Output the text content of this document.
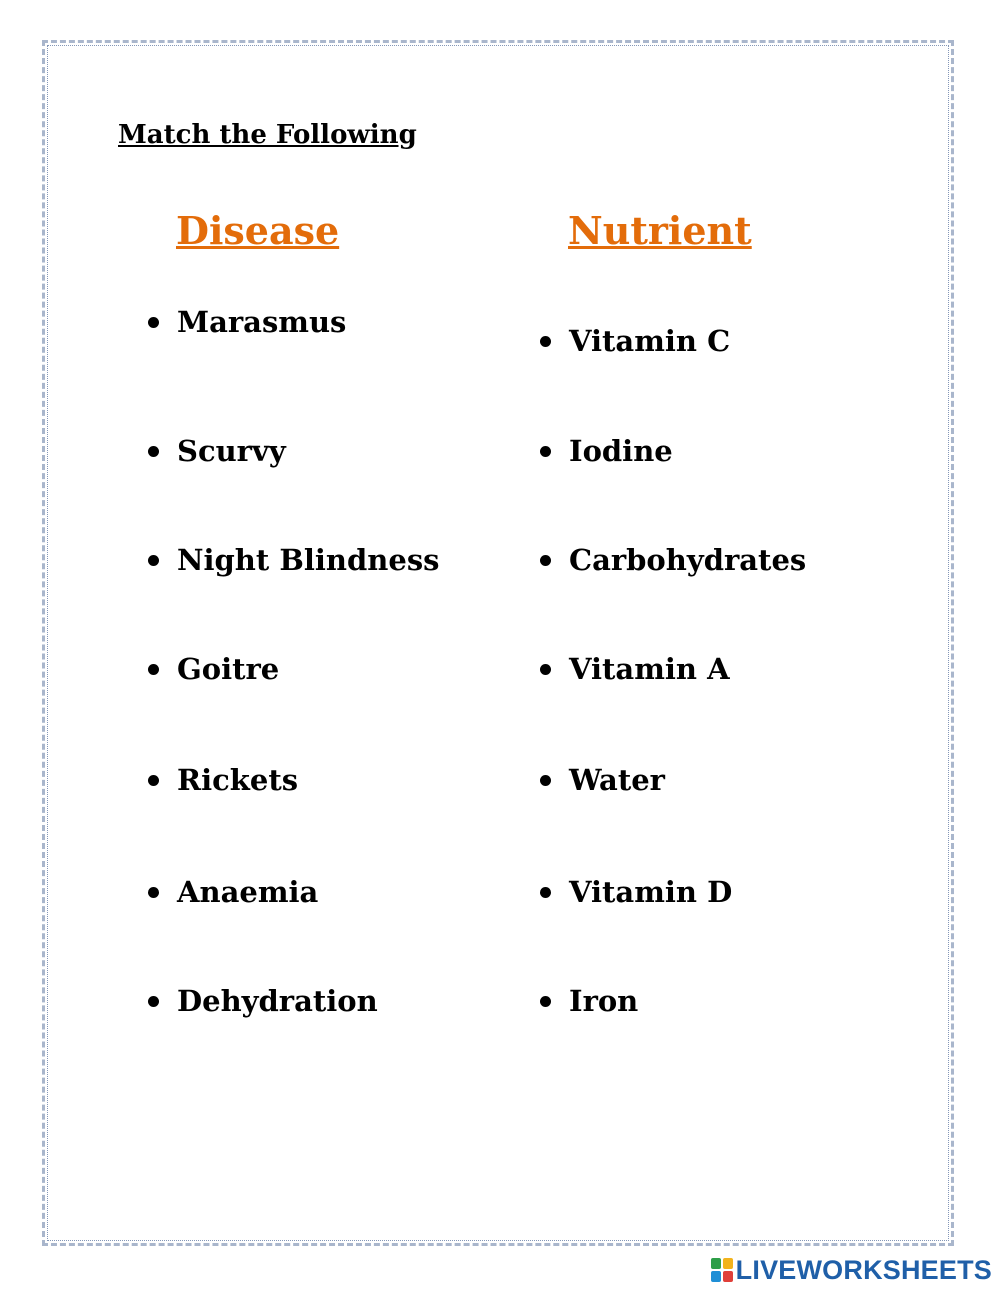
Match the Following
Disease	Nutrient
Marasmus
Scurvy
Night Blindness
Goitre
Rickets
Anaemia
Dehydration
Vitamin C
Iodine
Carbohydrates
Vitamin A
Water
Vitamin D
Iron
LIVEWORKSHEETS
